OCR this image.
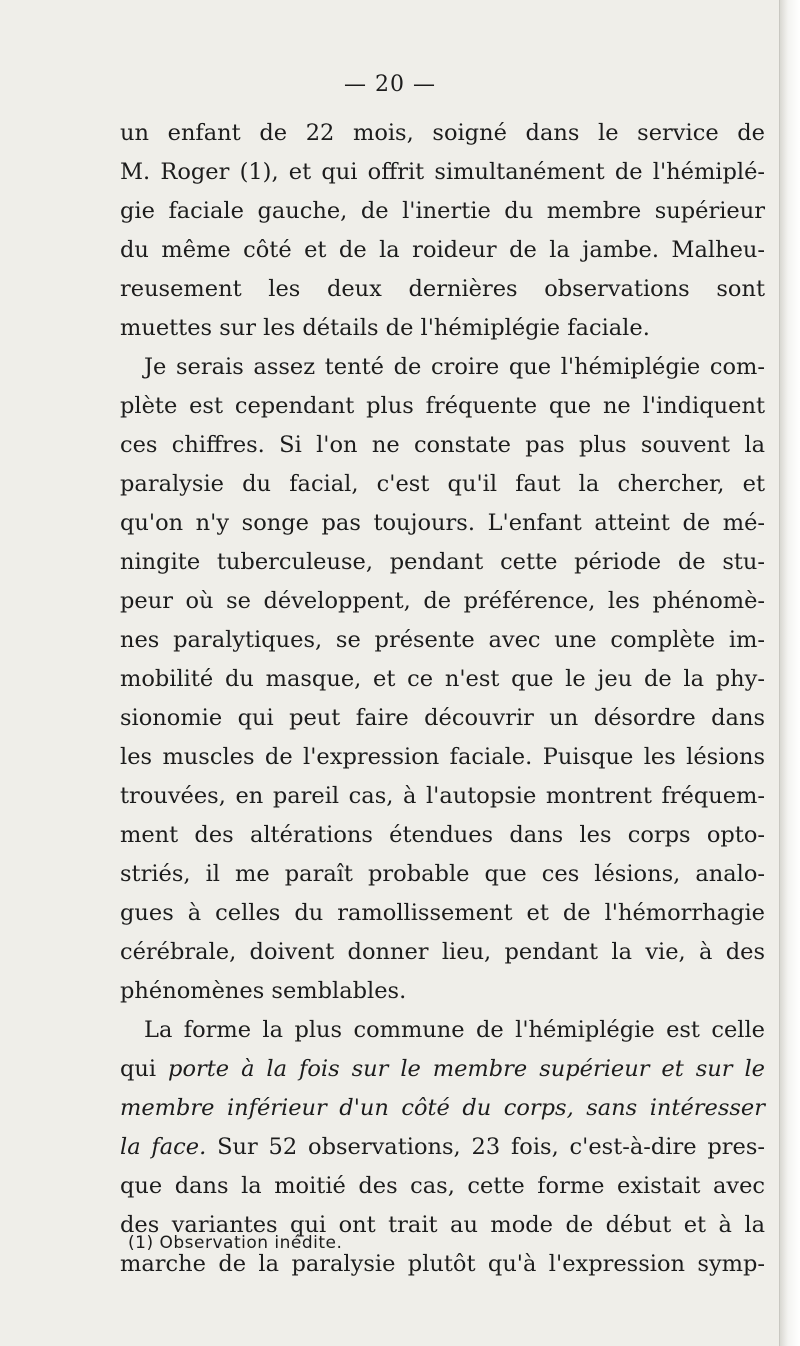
— 20 —
un enfant de 22 mois, soigné dans le service de
M. Roger (1), et qui offrit simultanément de l'hémiplé-
gie faciale gauche, de l'inertie du membre supérieur
du même côté et de la roideur de la jambe. Malheu-
reusement les deux dernières observations sont
muettes sur les détails de l'hémiplégie faciale.
Je serais assez tenté de croire que l'hémiplégie com-
plète est cependant plus fréquente que ne l'indiquent
ces chiffres. Si l'on ne constate pas plus souvent la
paralysie du facial, c'est qu'il faut la chercher, et
qu'on n'y songe pas toujours. L'enfant atteint de mé-
ningite tuberculeuse, pendant cette période de stu-
peur où se développent, de préférence, les phénomè-
nes paralytiques, se présente avec une complète im-
mobilité du masque, et ce n'est que le jeu de la phy-
sionomie qui peut faire découvrir un désordre dans
les muscles de l'expression faciale. Puisque les lésions
trouvées, en pareil cas, à l'autopsie montrent fréquem-
ment des altérations étendues dans les corps opto-
striés, il me paraît probable que ces lésions, analo-
gues à celles du ramollissement et de l'hémorrhagie
cérébrale, doivent donner lieu, pendant la vie, à des
phénomènes semblables.
La forme la plus commune de l'hémiplégie est celle
qui porte à la fois sur le membre supérieur et sur le
membre inférieur d'un côté du corps, sans intéresser
la face. Sur 52 observations, 23 fois, c'est-à-dire pres-
que dans la moitié des cas, cette forme existait avec
des variantes qui ont trait au mode de début et à la
marche de la paralysie plutôt qu'à l'expression symp-
(1) Observation inédite.
